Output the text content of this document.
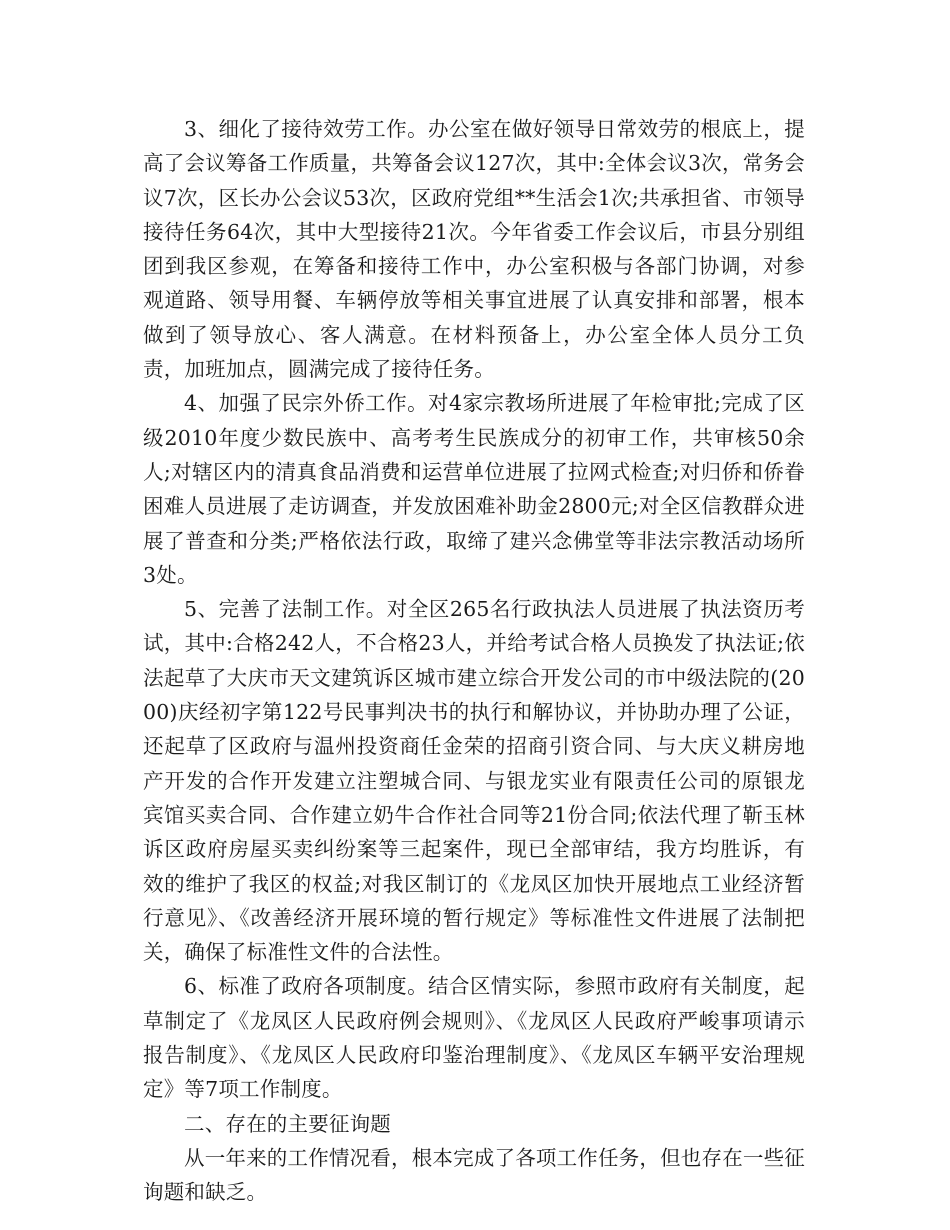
3、细化了接待效劳工作。办公室在做好领导日常效劳的根底上，提高了会议筹备工作质量，共筹备会议127次，其中:全体会议3次，常务会议7次，区长办公会议53次，区政府党组**生活会1次;共承担省、市领导接待任务64次，其中大型接待21次。今年省委工作会议后，市县分别组团到我区参观，在筹备和接待工作中，办公室积极与各部门协调，对参观道路、领导用餐、车辆停放等相关事宜进展了认真安排和部署，根本做到了领导放心、客人满意。在材料预备上，办公室全体人员分工负责，加班加点，圆满完成了接待任务。

4、加强了民宗外侨工作。对4家宗教场所进展了年检审批;完成了区级2010年度少数民族中、高考考生民族成分的初审工作，共审核50余人;对辖区内的清真食品消费和运营单位进展了拉网式检查;对归侨和侨眷困难人员进展了走访调查，并发放困难补助金2800元;对全区信教群众进展了普查和分类;严格依法行政，取缔了建兴念佛堂等非法宗教活动场所3处。

5、完善了法制工作。对全区265名行政执法人员进展了执法资历考试，其中:合格242人，不合格23人，并给考试合格人员换发了执法证;依法起草了大庆市天文建筑诉区城市建立综合开发公司的市中级法院的(2000)庆经初字第122号民事判决书的执行和解协议，并协助办理了公证，还起草了区政府与温州投资商任金荣的招商引资合同、与大庆义耕房地产开发的合作开发建立注塑城合同、与银龙实业有限责任公司的原银龙宾馆买卖合同、合作建立奶牛合作社合同等21份合同;依法代理了靳玉林诉区政府房屋买卖纠纷案等三起案件，现已全部审结，我方均胜诉，有效的维护了我区的权益;对我区制订的《龙凤区加快开展地点工业经济暂行意见》、《改善经济开展环境的暂行规定》等标准性文件进展了法制把关，确保了标准性文件的合法性。

6、标准了政府各项制度。结合区情实际，参照市政府有关制度，起草制定了《龙凤区人民政府例会规则》、《龙凤区人民政府严峻事项请示报告制度》、《龙凤区人民政府印鉴治理制度》、《龙凤区车辆平安治理规定》等7项工作制度。

二、存在的主要征询题

从一年来的工作情况看，根本完成了各项工作任务，但也存在一些征询题和缺乏。
